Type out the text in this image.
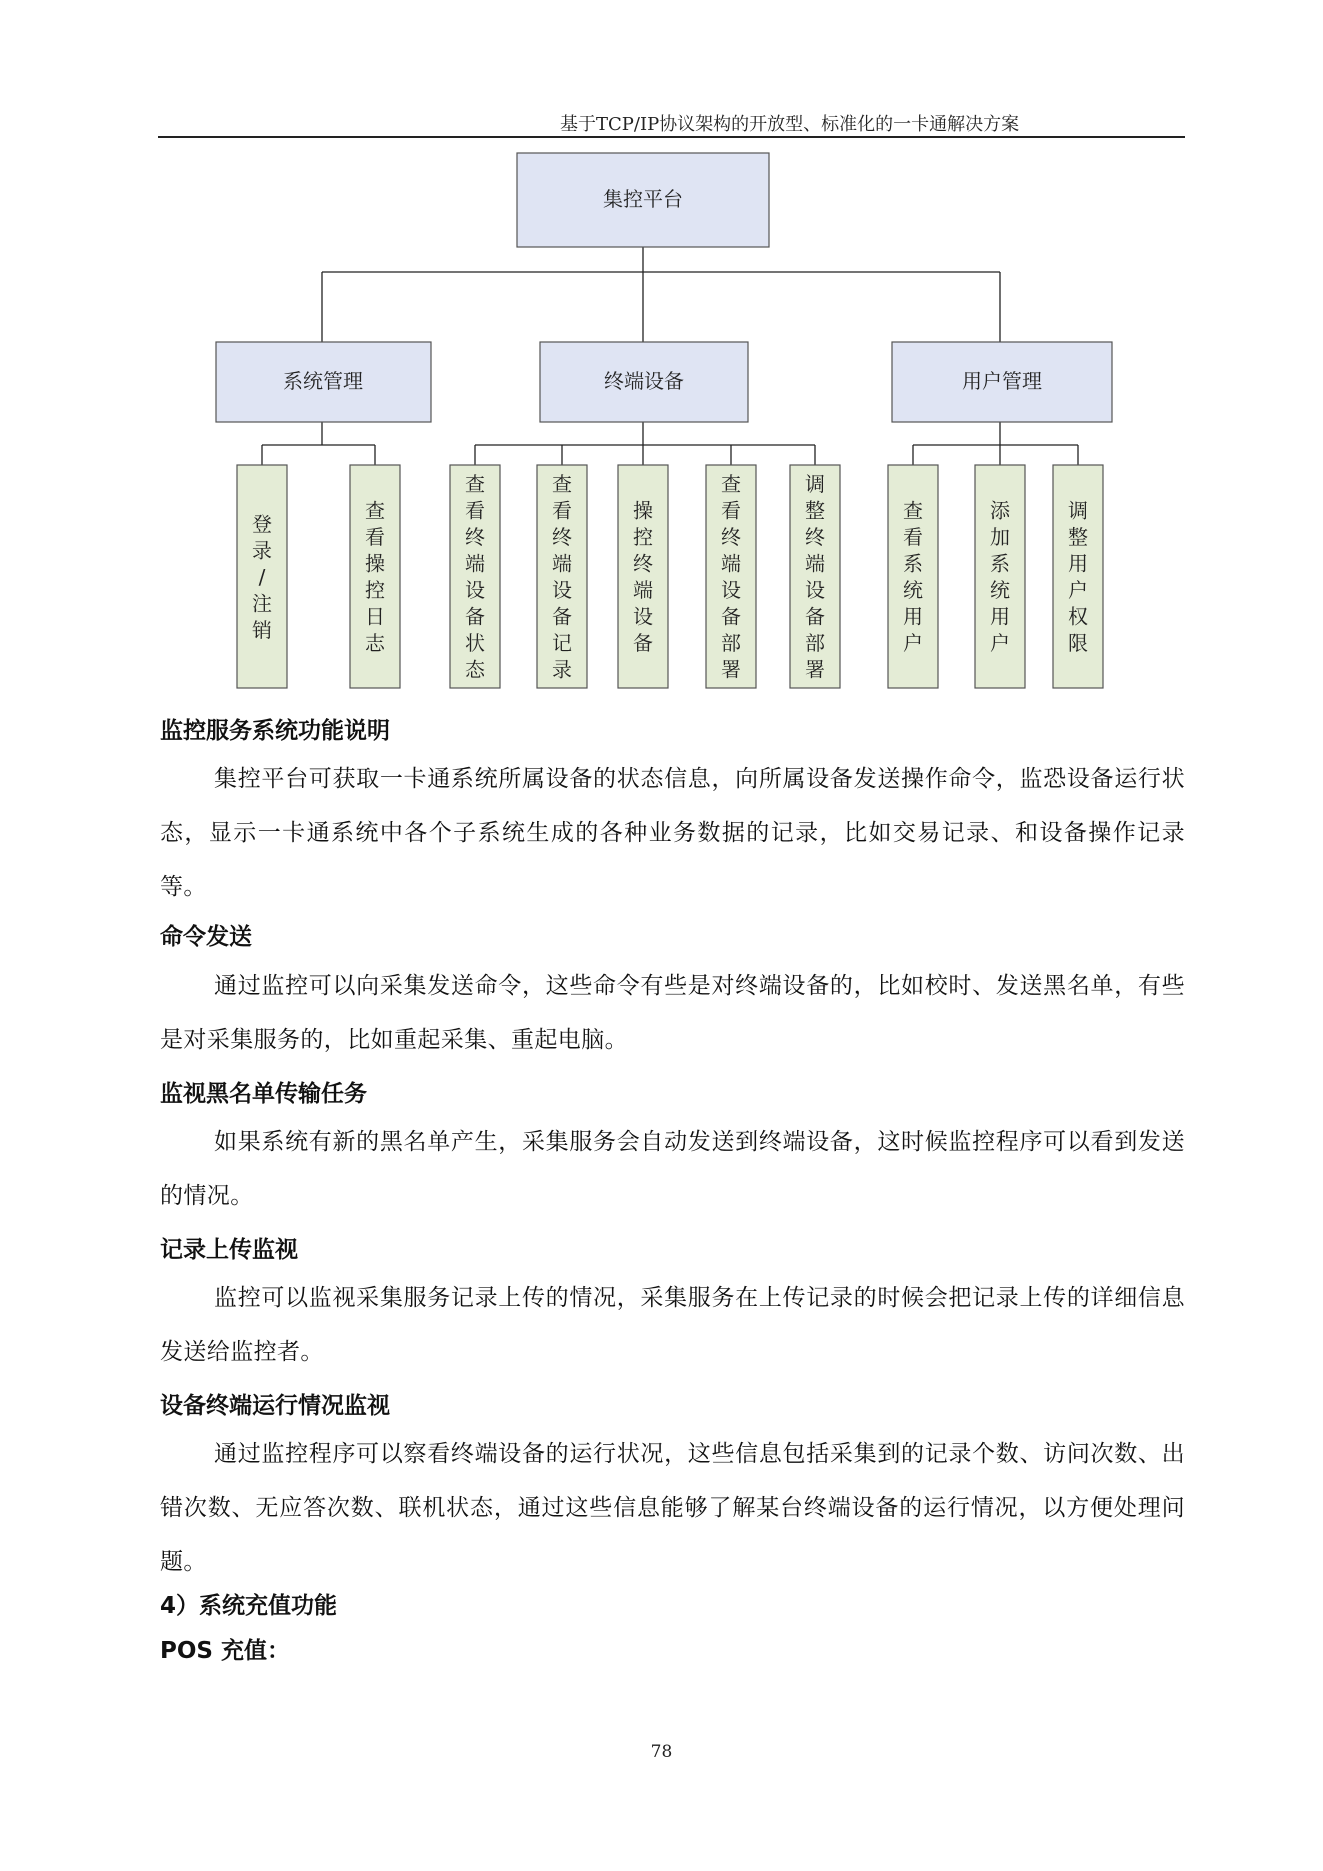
基于TCP/IP协议架构的开放型、标准化的一卡通解决方案
集控平台
系统管理	终端设备	用户管理
登录/注销
查看操控日志
查看终端设备状态
查看终端设备记录
操控终端设备
查看终端设备部署
调整终端设备部署
查看系统用户
添加系统用户
调整用户权限
监控服务系统功能说明
集控平台可获取一卡通系统所属设备的状态信息，向所属设备发送操作命令，监恐设备运行状态，显示一卡通系统中各个子系统生成的各种业务数据的记录，比如交易记录、和设备操作记录等。
命令发送
通过监控可以向采集发送命令，这些命令有些是对终端设备的，比如校时、发送黑名单，有些是对采集服务的，比如重起采集、重起电脑。
监视黑名单传输任务
如果系统有新的黑名单产生，采集服务会自动发送到终端设备，这时候监控程序可以看到发送的情况。
记录上传监视
监控可以监视采集服务记录上传的情况，采集服务在上传记录的时候会把记录上传的详细信息发送给监控者。
设备终端运行情况监视
通过监控程序可以察看终端设备的运行状况，这些信息包括采集到的记录个数、访问次数、出错次数、无应答次数、联机状态，通过这些信息能够了解某台终端设备的运行情况，以方便处理问题。
4）系统充值功能
POS 充值：
78
